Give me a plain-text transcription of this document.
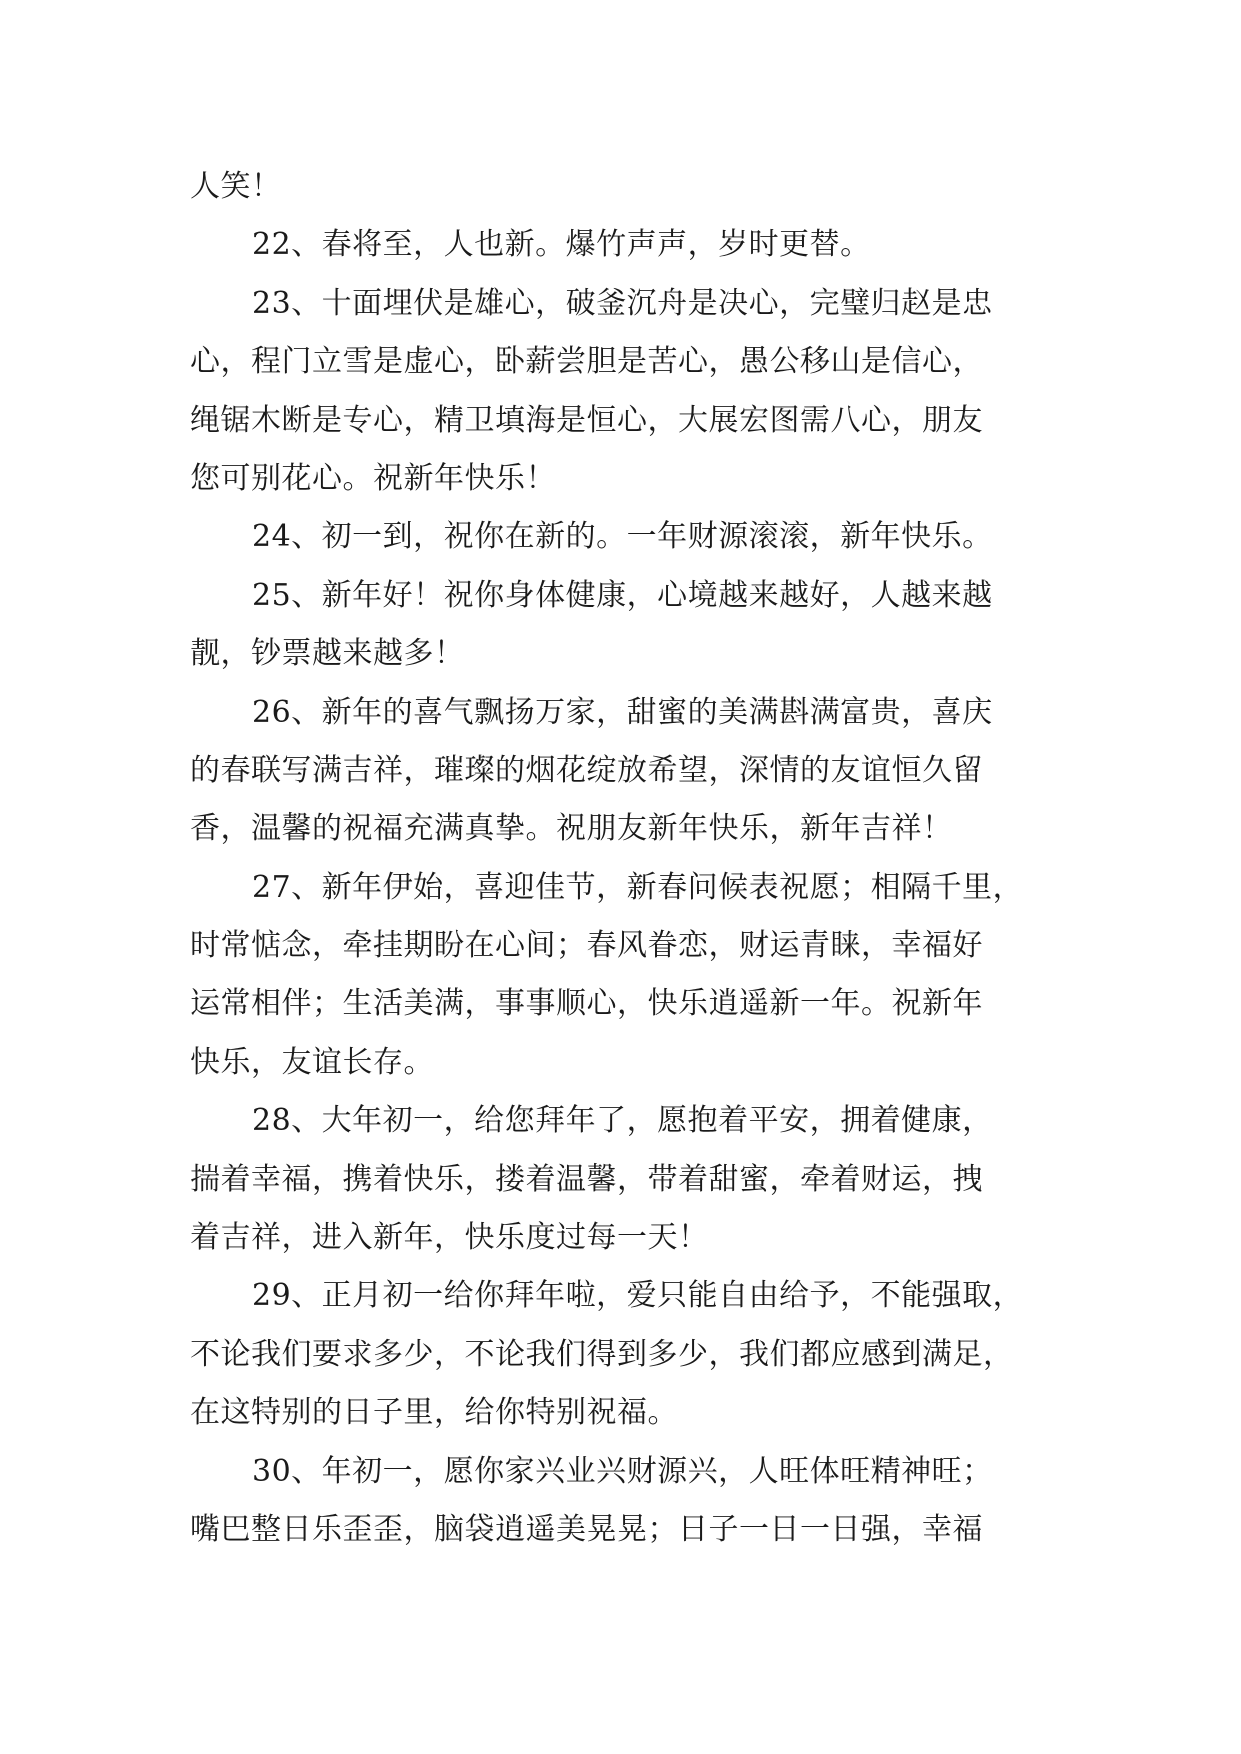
人笑！
22、春将至，人也新。爆竹声声，岁时更替。
23、十面埋伏是雄心，破釜沉舟是决心，完璧归赵是忠
心，程门立雪是虚心，卧薪尝胆是苦心，愚公移山是信心，
绳锯木断是专心，精卫填海是恒心，大展宏图需八心，朋友
您可别花心。祝新年快乐！
24、初一到，祝你在新的。一年财源滚滚，新年快乐。
25、新年好！祝你身体健康，心境越来越好，人越来越
靓，钞票越来越多！
26、新年的喜气飘扬万家，甜蜜的美满斟满富贵，喜庆
的春联写满吉祥，璀璨的烟花绽放希望，深情的友谊恒久留
香，温馨的祝福充满真挚。祝朋友新年快乐，新年吉祥！
27、新年伊始，喜迎佳节，新春问候表祝愿；相隔千里，
时常惦念，牵挂期盼在心间；春风眷恋，财运青睐，幸福好
运常相伴；生活美满，事事顺心，快乐逍遥新一年。祝新年
快乐，友谊长存。
28、大年初一，给您拜年了，愿抱着平安，拥着健康，
揣着幸福，携着快乐，搂着温馨，带着甜蜜，牵着财运，拽
着吉祥，进入新年，快乐度过每一天！
29、正月初一给你拜年啦，爱只能自由给予，不能强取，
不论我们要求多少，不论我们得到多少，我们都应感到满足，
在这特别的日子里，给你特别祝福。
30、年初一，愿你家兴业兴财源兴，人旺体旺精神旺；
嘴巴整日乐歪歪，脑袋逍遥美晃晃；日子一日一日强，幸福
